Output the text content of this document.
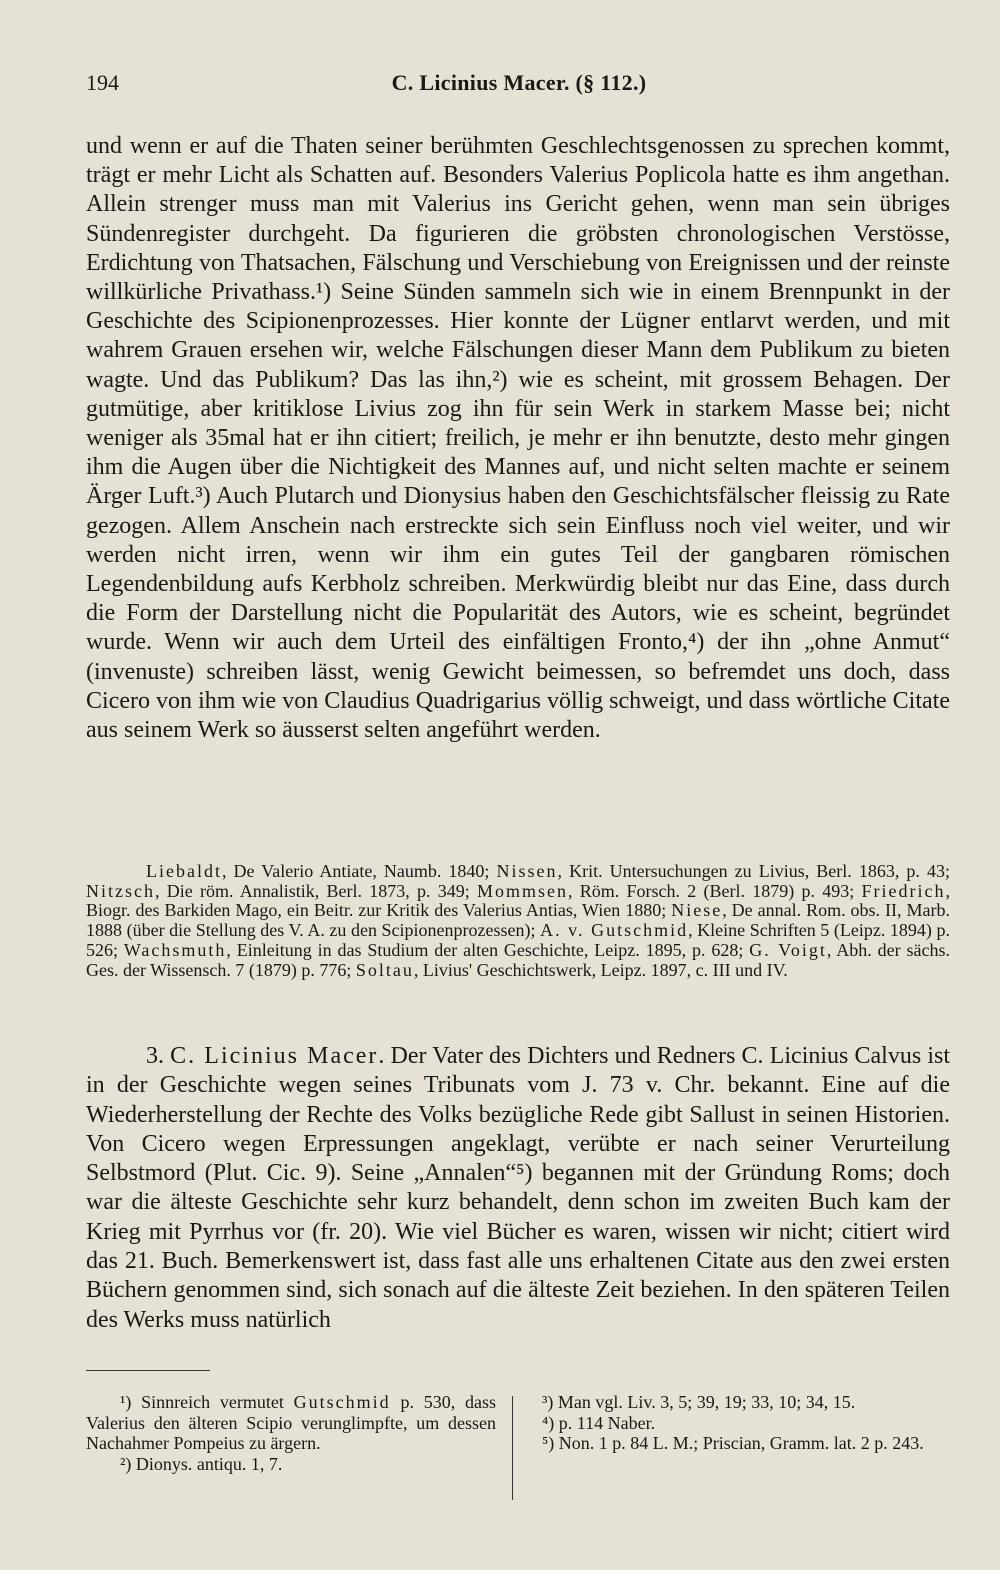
194	C. Licinius Macer. (§ 112.)

und wenn er auf die Thaten seiner berühmten Geschlechtsgenossen zu sprechen kommt, trägt er mehr Licht als Schatten auf. Besonders Valerius Poplicola hatte es ihm angethan. Allein strenger muss man mit Valerius ins Gericht gehen, wenn man sein übriges Sündenregister durchgeht. Da figurieren die gröbsten chronologischen Verstösse, Erdichtung von Thatsachen, Fälschung und Verschiebung von Ereignissen und der reinste willkürliche Privathass.¹) Seine Sünden sammeln sich wie in einem Brennpunkt in der Geschichte des Scipionenprozesses. Hier konnte der Lügner entlarvt werden, und mit wahrem Grauen ersehen wir, welche Fälschungen dieser Mann dem Publikum zu bieten wagte. Und das Publikum? Das las ihn,²) wie es scheint, mit grossem Behagen. Der gutmütige, aber kritiklose Livius zog ihn für sein Werk in starkem Masse bei; nicht weniger als 35mal hat er ihn citiert; freilich, je mehr er ihn benutzte, desto mehr gingen ihm die Augen über die Nichtigkeit des Mannes auf, und nicht selten machte er seinem Ärger Luft.³) Auch Plutarch und Dionysius haben den Geschichtsfälscher fleissig zu Rate gezogen. Allem Anschein nach erstreckte sich sein Einfluss noch viel weiter, und wir werden nicht irren, wenn wir ihm ein gutes Teil der gangbaren römischen Legendenbildung aufs Kerbholz schreiben. Merkwürdig bleibt nur das Eine, dass durch die Form der Darstellung nicht die Popularität des Autors, wie es scheint, begründet wurde. Wenn wir auch dem Urteil des einfältigen Fronto,⁴) der ihn „ohne Anmut“ (invenuste) schreiben lässt, wenig Gewicht beimessen, so befremdet uns doch, dass Cicero von ihm wie von Claudius Quadrigarius völlig schweigt, und dass wörtliche Citate aus seinem Werk so äusserst selten angeführt werden.

Liebaldt, De Valerio Antiate, Naumb. 1840; Nissen, Krit. Untersuchungen zu Livius, Berl. 1863, p. 43; Nitzsch, Die röm. Annalistik, Berl. 1873, p. 349; Mommsen, Röm. Forsch. 2 (Berl. 1879) p. 493; Friedrich, Biogr. des Barkiden Mago, ein Beitr. zur Kritik des Valerius Antias, Wien 1880; Niese, De annal. Rom. obs. II, Marb. 1888 (über die Stellung des V. A. zu den Scipionenprozessen); A. v. Gutschmid, Kleine Schriften 5 (Leipz. 1894) p. 526; Wachsmuth, Einleitung in das Studium der alten Geschichte, Leipz. 1895, p. 628; G. Voigt, Abh. der sächs. Ges. der Wissensch. 7 (1879) p. 776; Soltau, Livius' Geschichtswerk, Leipz. 1897, c. III und IV.

3. C. Licinius Macer. Der Vater des Dichters und Redners C. Licinius Calvus ist in der Geschichte wegen seines Tribunats vom J. 73 v. Chr. bekannt. Eine auf die Wiederherstellung der Rechte des Volks bezügliche Rede gibt Sallust in seinen Historien. Von Cicero wegen Erpressungen angeklagt, verübte er nach seiner Verurteilung Selbstmord (Plut. Cic. 9). Seine „Annalen“⁵) begannen mit der Gründung Roms; doch war die älteste Geschichte sehr kurz behandelt, denn schon im zweiten Buch kam der Krieg mit Pyrrhus vor (fr. 20). Wie viel Bücher es waren, wissen wir nicht; citiert wird das 21. Buch. Bemerkenswert ist, dass fast alle uns erhaltenen Citate aus den zwei ersten Büchern genommen sind, sich sonach auf die älteste Zeit beziehen. In den späteren Teilen des Werks muss natürlich

¹) Sinnreich vermutet Gutschmid p. 530, dass Valerius den älteren Scipio verunglimpfte, um dessen Nachahmer Pompeius zu ärgern.

²) Dionys. antiqu. 1, 7.

³) Man vgl. Liv. 3, 5; 39, 19; 33, 10; 34, 15.

⁴) p. 114 Naber.

⁵) Non. 1 p. 84 L. M.; Priscian, Gramm. lat. 2 p. 243.
